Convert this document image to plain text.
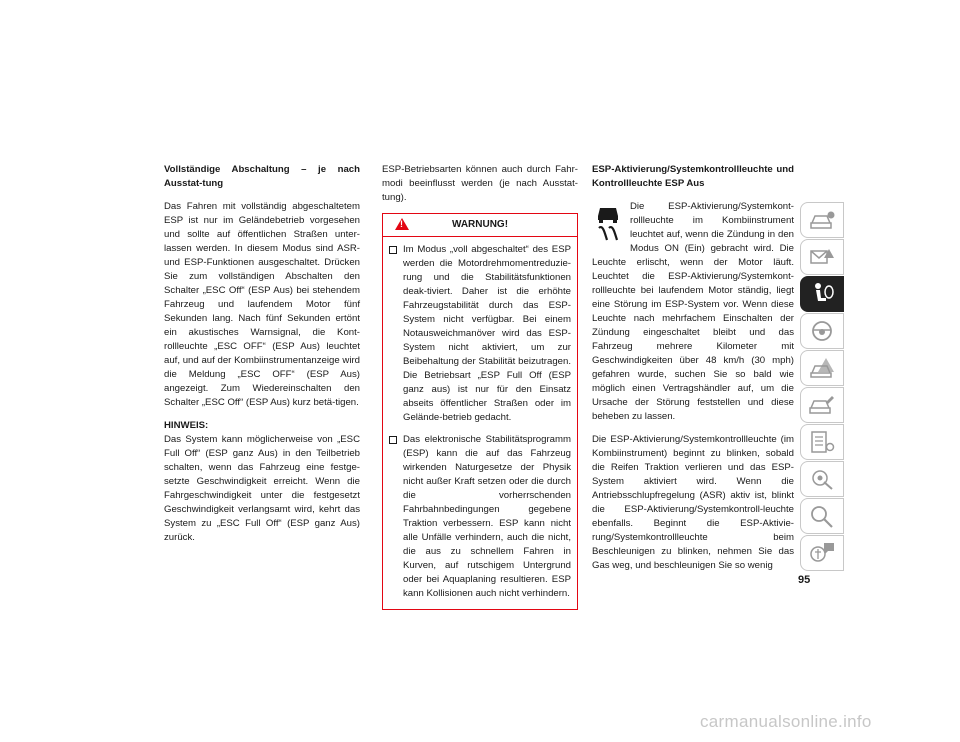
Vollständige Abschaltung – je nach Ausstat-tung

Das Fahren mit vollständig abgeschaltetem ESP ist nur im Geländebetrieb vorgesehen und sollte auf öffentlichen Straßen unter-lassen werden. In diesem Modus sind ASR- und ESP-Funktionen ausgeschaltet. Drücken Sie zum vollständigen Abschalten den Schalter „ESC Off“ (ESP Aus) bei stehendem Fahrzeug und laufendem Motor fünf Sekunden lang. Nach fünf Sekunden ertönt ein akustisches Warnsignal, die Kont-rollleuchte „ESC OFF“ (ESP Aus) leuchtet auf, und auf der Kombiinstrumentanzeige wird die Meldung „ESC OFF“ (ESP Aus) angezeigt. Zum Wiedereinschalten den Schalter „ESC Off“ (ESP Aus) kurz betä-tigen.

HINWEIS:

Das System kann möglicherweise von „ESC Full Off“ (ESP ganz Aus) in den Teilbetrieb schalten, wenn das Fahrzeug eine festge-setzte Geschwindigkeit erreicht. Wenn die Fahrgeschwindigkeit unter die festgesetzt Geschwindigkeit verlangsamt wird, kehrt das System zu „ESC Full Off“ (ESP ganz Aus) zurück.

ESP-Betriebsarten können auch durch Fahr-modi beeinflusst werden (je nach Ausstat-tung).

!
WARNUNG!
Im Modus „voll abgeschaltet“ des ESP werden die Motordrehmomentreduzie-rung und die Stabilitätsfunktionen deak-tiviert. Daher ist die erhöhte Fahrzeugstabilität durch das ESP-System nicht verfügbar. Bei einem Notausweichmanöver wird das ESP-System nicht aktiviert, um zur Beibehaltung der Stabilität beizutragen. Die Betriebsart „ESP Full Off (ESP ganz aus) ist nur für den Einsatz abseits öffentlicher Straßen oder im Gelände-betrieb gedacht.
Das elektronische Stabilitätsprogramm (ESP) kann die auf das Fahrzeug wirkenden Naturgesetze der Physik nicht außer Kraft setzen oder die durch die vorherrschenden Fahrbahnbedingungen gegebene Traktion verbessern. ESP kann nicht alle Unfälle verhindern, auch die nicht, die aus zu schnellem Fahren in Kurven, auf rutschigem Untergrund oder bei Aquaplaning resultieren. ESP kann Kollisionen auch nicht verhindern.

ESP-Aktivierung/Systemkontrollleuchte und Kontrollleuchte ESP Aus

Die ESP-Aktivierung/Systemkont-rollleuchte im Kombiinstrument leuchtet auf, wenn die Zündung in den Modus ON (Ein) gebracht wird. Die Leuchte erlischt, wenn der Motor läuft. Leuchtet die ESP-Aktivierung/Systemkont-rollleuchte bei laufendem Motor ständig, liegt eine Störung im ESP-System vor. Wenn diese Leuchte nach mehrfachem Einschalten der Zündung eingeschaltet bleibt und das Fahrzeug mehrere Kilometer mit Geschwindigkeiten über 48 km/h (30 mph) gefahren wurde, suchen Sie so bald wie möglich einen Vertragshändler auf, um die Ursache der Störung feststellen und diese beheben zu lassen.

Die ESP-Aktivierung/Systemkontrollleuchte (im Kombiinstrument) beginnt zu blinken, sobald die Reifen Traktion verlieren und das ESP-System aktiviert wird. Wenn die Antriebsschlupfregelung (ASR) aktiv ist, blinkt die ESP-Aktivierung/Systemkontroll-leuchte ebenfalls. Beginnt die ESP-Aktivie-rung/Systemkontrollleuchte beim Beschleunigen zu blinken, nehmen Sie das Gas weg, und beschleunigen Sie so wenig

95
carmanualsonline.info
